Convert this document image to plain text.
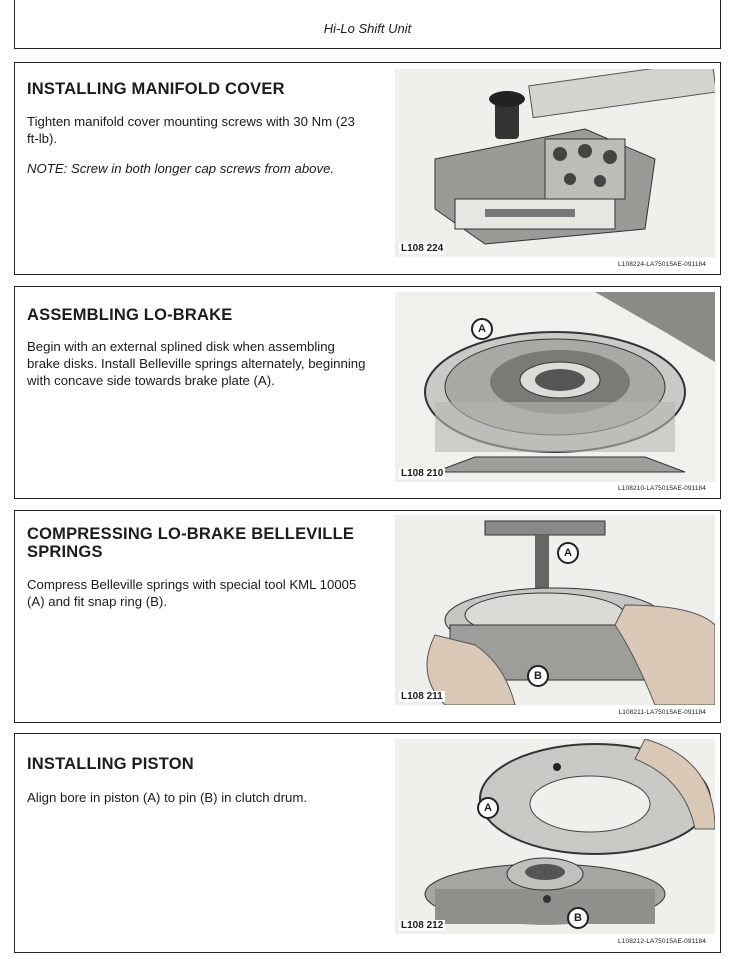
Hi-Lo Shift Unit
INSTALLING MANIFOLD COVER
Tighten manifold cover mounting screws with 30 Nm (23 ft-lb).
NOTE: Screw in both longer cap screws from above.
L108 224
L108224-LA75015AE-091184
ASSEMBLING LO-BRAKE
Begin with an external splined disk when assembling brake disks. Install Belleville springs alternately, beginning with concave side towards brake plate (A).
L108 210
A
L108210-LA75015AE-091184
COMPRESSING LO-BRAKE BELLEVILLE SPRINGS
Compress Belleville springs with special tool KML 10005 (A) and fit snap ring (B).
L108 211
A
B
L108211-LA75015AE-091184
INSTALLING PISTON
Align bore in piston (A) to pin (B) in clutch drum.
L108 212
A
B
L108212-LA75015AE-091184
